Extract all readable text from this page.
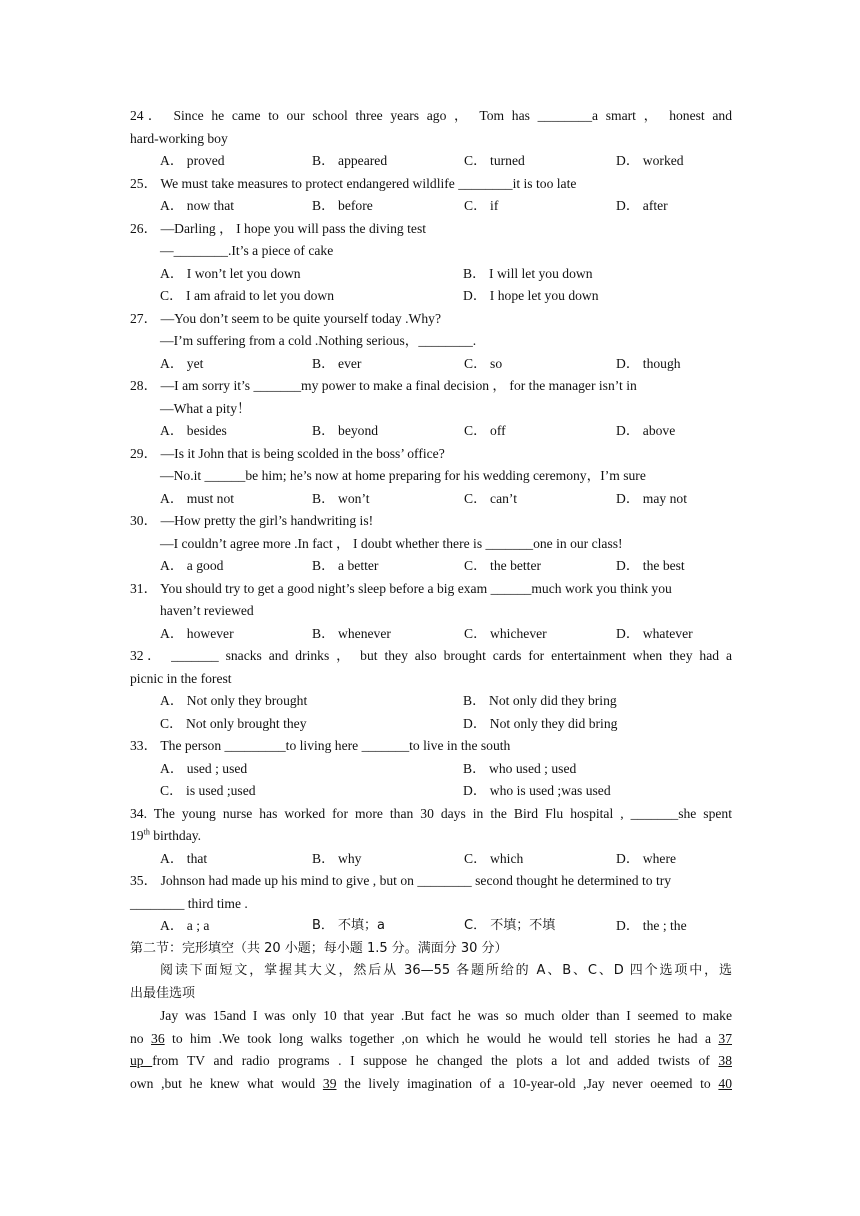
24． Since he came to our school three years ago ， Tom has ________a smart ， honest and
hard-working boy
A． proved	B． appeared	C． turned	D． worked
25． We must take measures to protect endangered wildlife ________it is too late
A． now that	B． before	C． if	D． after
26． —Darling ， I hope you will pass the diving test
—________.It’s a piece of cake
A． I won’t let you down	B． I will let you down
C． I am afraid to let you down	D． I hope let you down
27． —You don’t seem to be quite yourself today .Why?
—I’m suffering from a cold .Nothing serious，________.
A． yet	B． ever	C． so	D． though
28． —I am sorry it’s _______my power to make a final decision ， for the manager isn’t in
—What a pity！
A． besides	B． beyond	C． off	D． above
29． —Is it John that is being scolded in the boss’ office?
—No.it ______be him; he’s now at home preparing for his wedding ceremony，I’m sure
A． must not	B． won’t	C． can’t	D． may not
30． —How pretty the girl’s handwriting is!
—I couldn’t agree more .In fact ， I doubt whether there is _______one in our class!
A． a good	B． a better	C． the better	D． the best
31． You should try to get a good night’s sleep before a big exam ______much work you think you
haven’t reviewed
A． however	B． whenever	C． whichever	D． whatever
32． _______ snacks and drinks ， but they also brought cards for entertainment when they had a
picnic in the forest
A． Not only they brought	B． Not only did they bring
C． Not only brought they	D． Not only they did bring
33． The person _________to living here _______to live in the south
A． used ; used	B． who used ; used
C． is used ;used	D． who is used ;was used
34. The young nurse has worked for more than 30 days in the Bird Flu hospital , _______she spent
19th birthday.
A． that	B． why	C． which	D． where
35． Johnson had made up his mind to give , but on ________ second thought he determined to try
________ third time .
A． a ; a	B． 不填；a	C． 不填；不填	D． the ; the
第二节：完形填空（共 20 小题；每小题 1.5 分。满面分 30 分）
阅读下面短文，掌握其大义，然后从 36—55 各题所给的 A、B、C、D 四个选项中，选
出最佳选项
Jay was 15and I was only 10 that year .But fact he was so much older than I seemed to make
no 36 to him .We took long walks together ,on which he would he would tell stories he had a 37
up from TV and radio programs . I suppose he changed the plots a lot and added twists of 38
own ,but he knew what would 39 the lively imagination of a 10-year-old ,Jay never oeemed to 40
